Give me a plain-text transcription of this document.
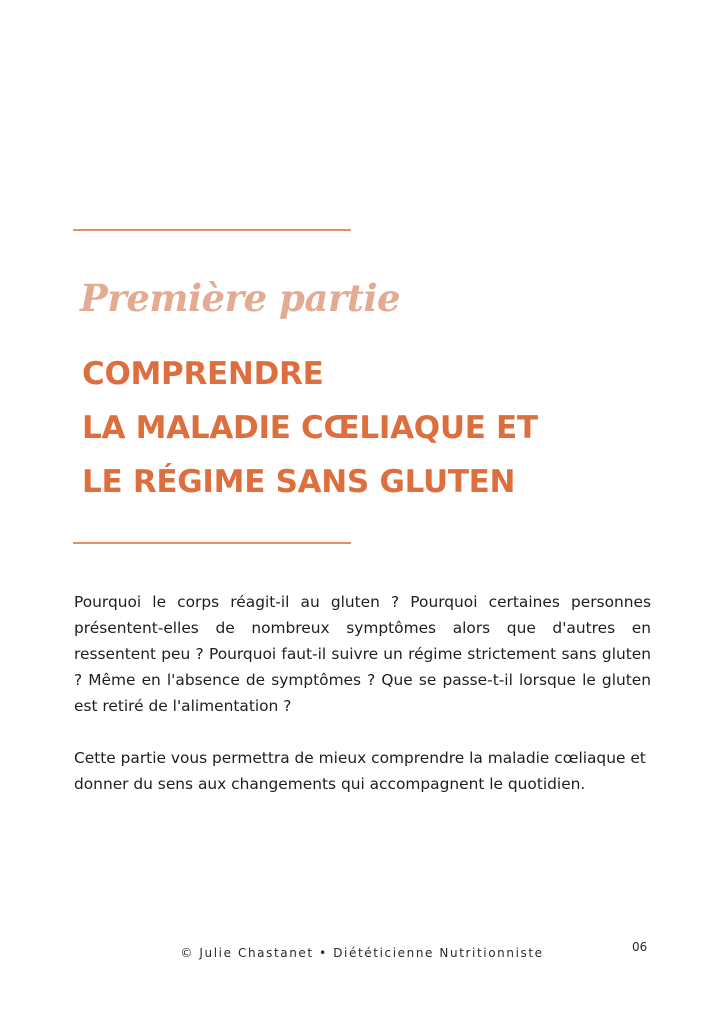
Première partie
COMPRENDRE
LA MALADIE CŒLIAQUE ET
LE RÉGIME SANS GLUTEN

Pourquoi le corps réagit-il au gluten ? Pourquoi certaines personnes présentent-elles de nombreux symptômes alors que d'autres en ressentent peu ? Pourquoi faut-il suivre un régime strictement sans gluten ? Même en l'absence de symptômes ? Que se passe-t-il lorsque le gluten est retiré de l'alimentation ?

Cette partie vous permettra de mieux comprendre la maladie cœliaque et donner du sens aux changements qui accompagnent le quotidien.

© Julie Chastanet • Diététicienne Nutritionniste	06
